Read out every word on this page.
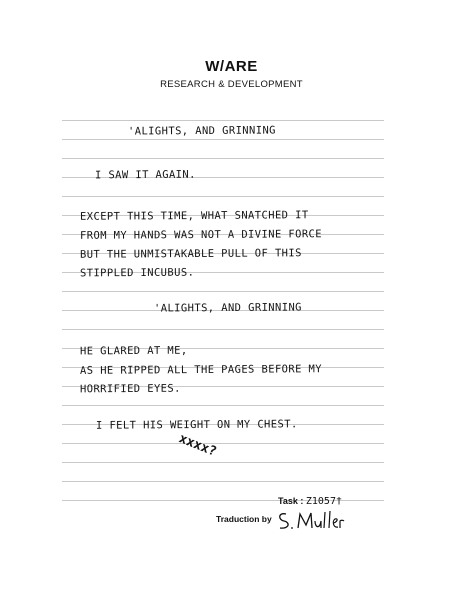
W/ARE
RESEARCH & DEVELOPMENT
'ALIGHTS, AND GRINNING
I SAW IT AGAIN.
EXCEPT THIS TIME, WHAT SNATCHED IT
FROM MY HANDS WAS NOT A DIVINE FORCE
BUT THE UNMISTAKABLE PULL OF THIS
STIPPLED INCUBUS.
'ALIGHTS, AND GRINNING
HE GLARED AT ME,
AS HE RIPPED ALL THE PAGES BEFORE MY
HORRIFIED EYES.
I FELT HIS WEIGHT ON MY CHEST.
xxxx?
Task : Z1057†
Traduction by
